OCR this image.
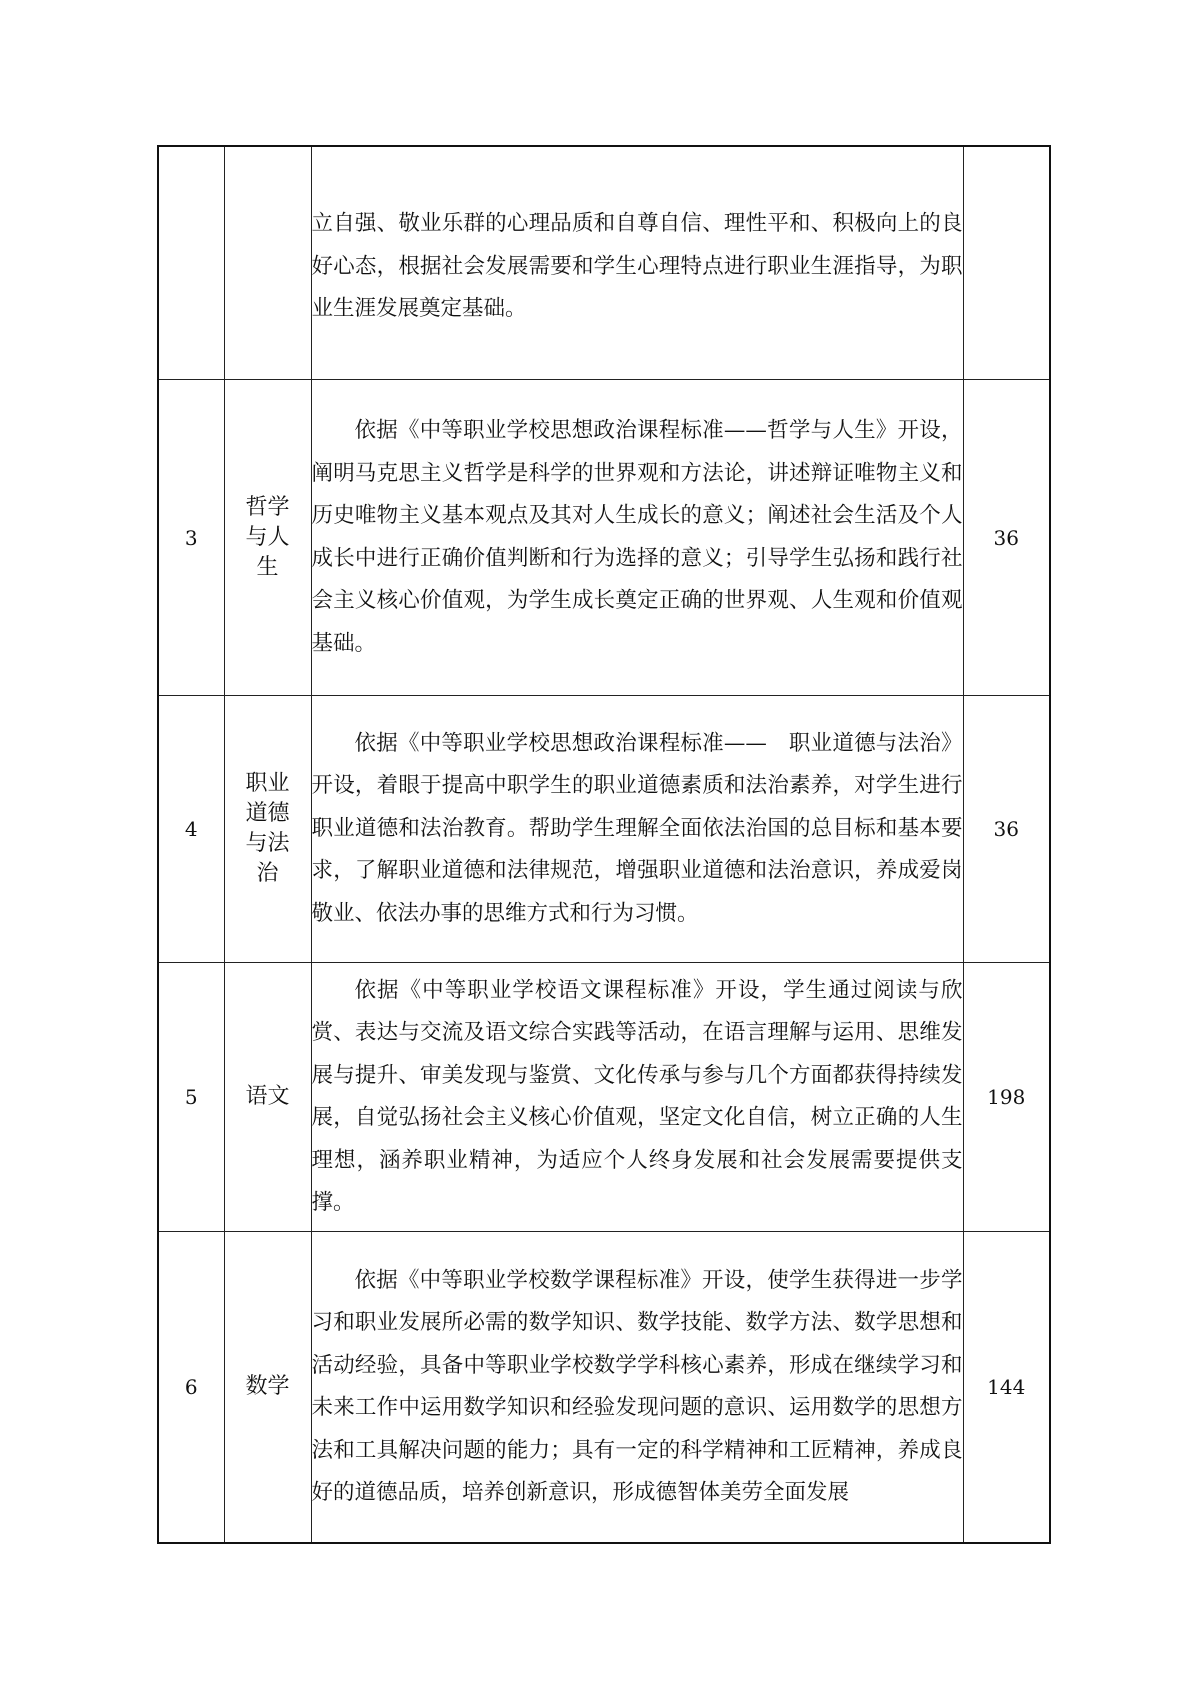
		立自强、敬业乐群的心理品质和自尊自信、理性平和、积极向上的良好心态，根据社会发展需要和学生心理特点进行职业生涯指导，为职业生涯发展奠定基础。	

3	哲学与人生	依据《中等职业学校思想政治课程标准——哲学与人生》开设，阐明马克思主义哲学是科学的世界观和方法论，讲述辩证唯物主义和历史唯物主义基本观点及其对人生成长的意义；阐述社会生活及个人成长中进行正确价值判断和行为选择的意义；引导学生弘扬和践行社会主义核心价值观，为学生成长奠定正确的世界观、人生观和价值观基础。	36
4	职业道德与法治	依据《中等职业学校思想政治课程标准——　职业道德与法治》开设，着眼于提高中职学生的职业道德素质和法治素养，对学生进行职业道德和法治教育。帮助学生理解全面依法治国的总目标和基本要求，了解职业道德和法律规范，增强职业道德和法治意识，养成爱岗敬业、依法办事的思维方式和行为习惯。	36
5	语文	依据《中等职业学校语文课程标准》开设，学生通过阅读与欣赏、表达与交流及语文综合实践等活动，在语言理解与运用、思维发展与提升、审美发现与鉴赏、文化传承与参与几个方面都获得持续发展，自觉弘扬社会主义核心价值观，坚定文化自信，树立正确的人生理想，涵养职业精神，为适应个人终身发展和社会发展需要提供支撑。	198
6	数学	依据《中等职业学校数学课程标准》开设，使学生获得进一步学习和职业发展所必需的数学知识、数学技能、数学方法、数学思想和活动经验，具备中等职业学校数学学科核心素养，形成在继续学习和未来工作中运用数学知识和经验发现问题的意识、运用数学的思想方法和工具解决问题的能力；具有一定的科学精神和工匠精神，养成良好的道德品质，培养创新意识，形成德智体美劳全面发展	144
